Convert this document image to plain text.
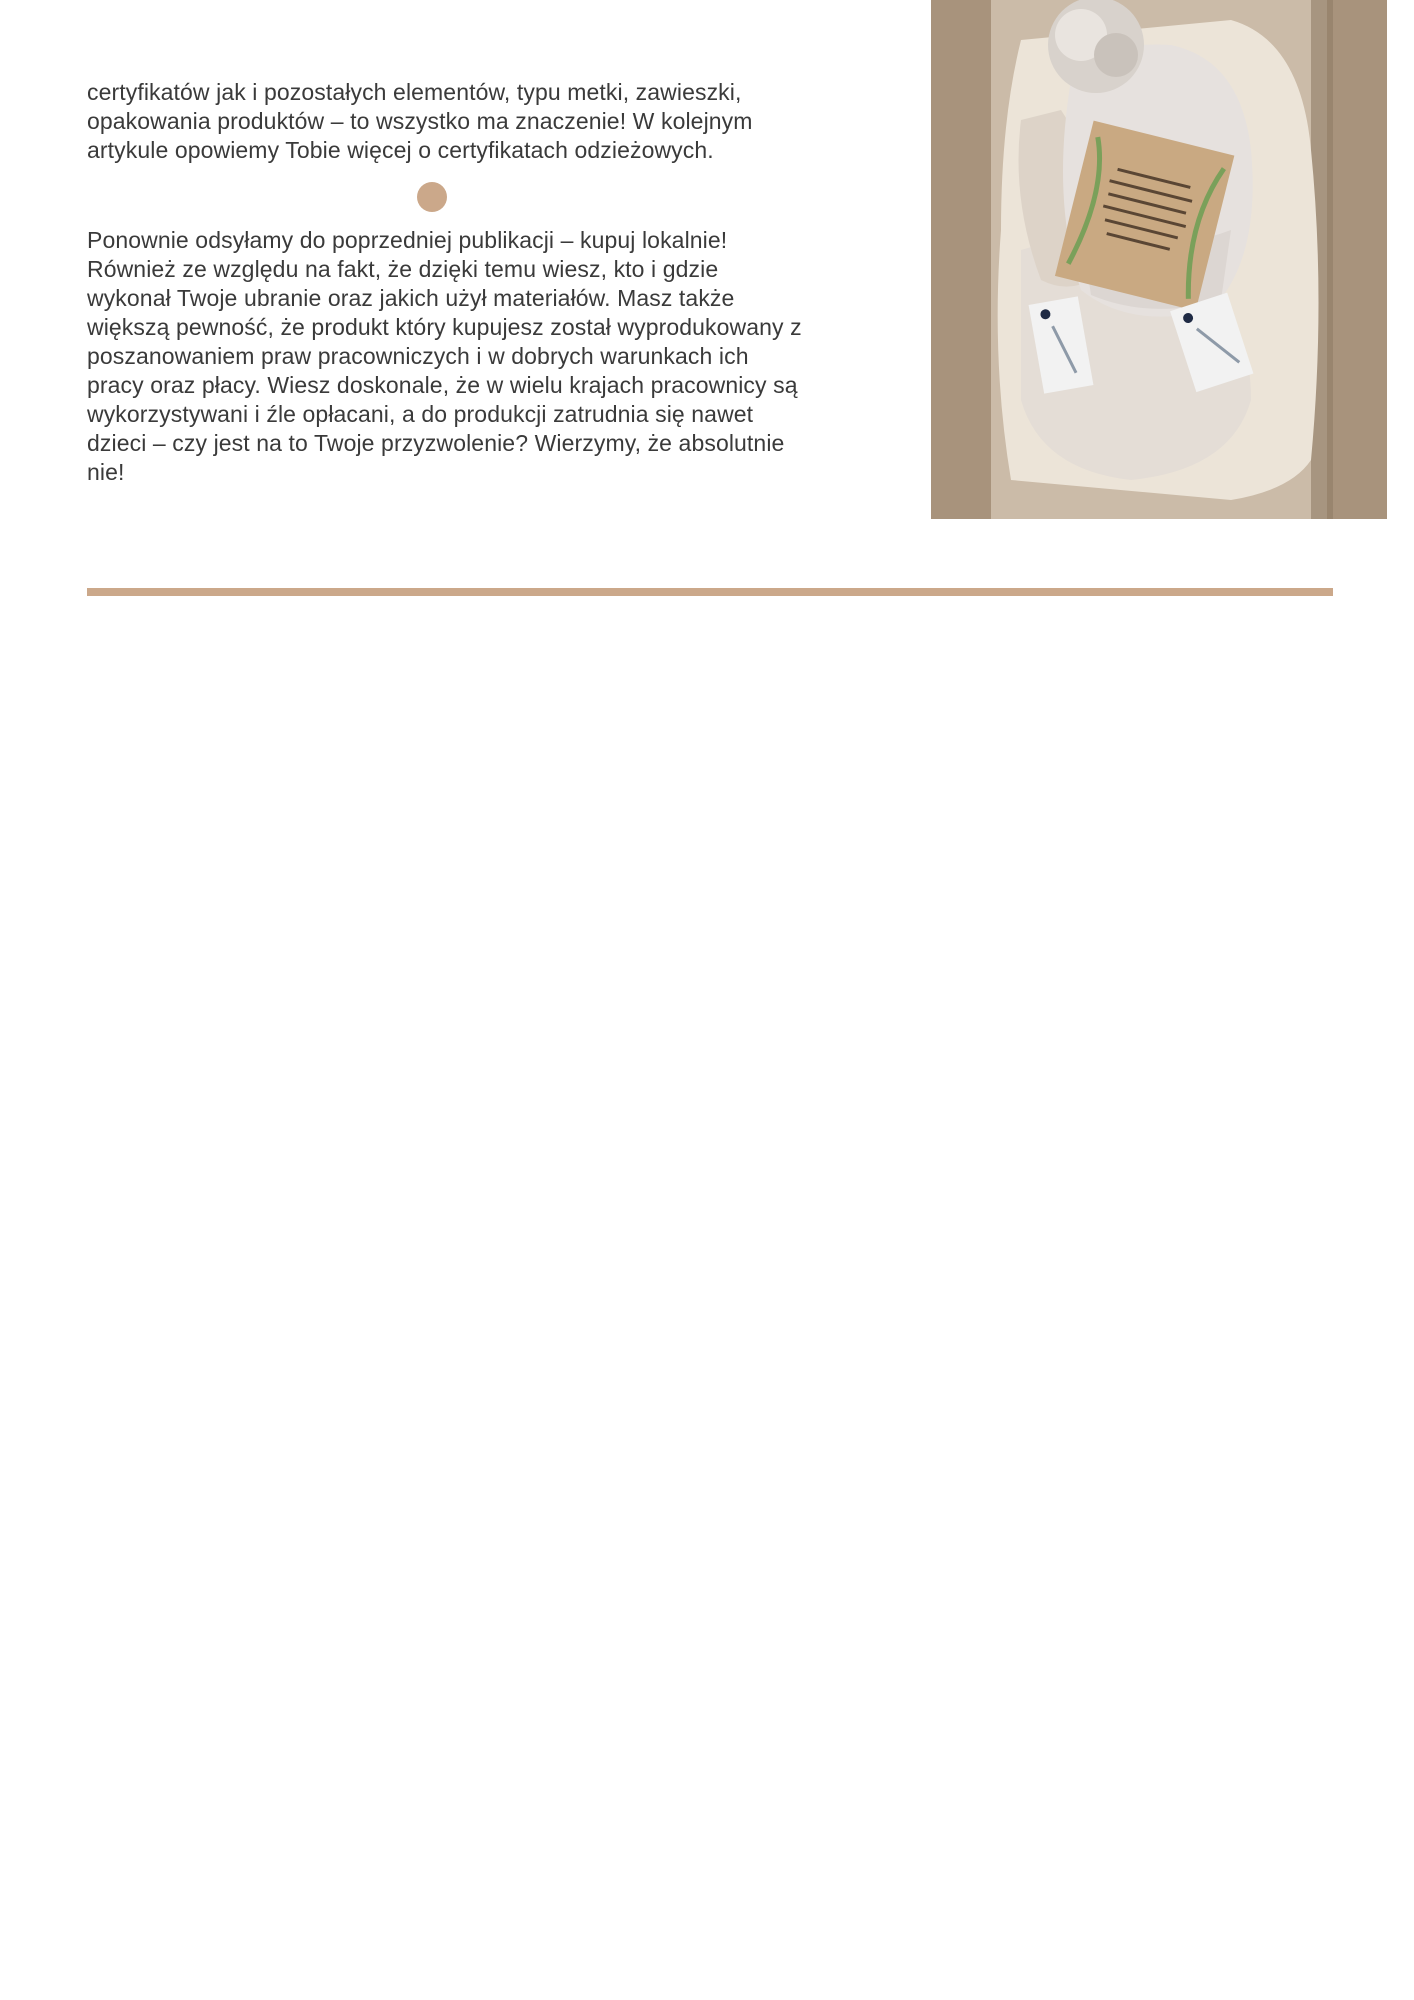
certyfikatów jak i pozostałych elementów, typu metki, zawieszki,
opakowania produktów – to wszystko ma znaczenie! W kolejnym
artykule opowiemy Tobie więcej o certyfikatach odzieżowych.

Ponownie odsyłamy do poprzedniej publikacji – kupuj lokalnie!
Również ze względu na fakt, że dzięki temu wiesz, kto i gdzie
wykonał Twoje ubranie oraz jakich użył materiałów. Masz także
większą pewność, że produkt który kupujesz został wyprodukowany z
poszanowaniem praw pracowniczych i w dobrych warunkach ich
pracy oraz płacy. Wiesz doskonale, że w wielu krajach pracownicy są
wykorzystywani i źle opłacani, a do produkcji zatrudnia się nawet
dzieci – czy jest na to Twoje przyzwolenie? Wierzymy, że absolutnie
nie!
